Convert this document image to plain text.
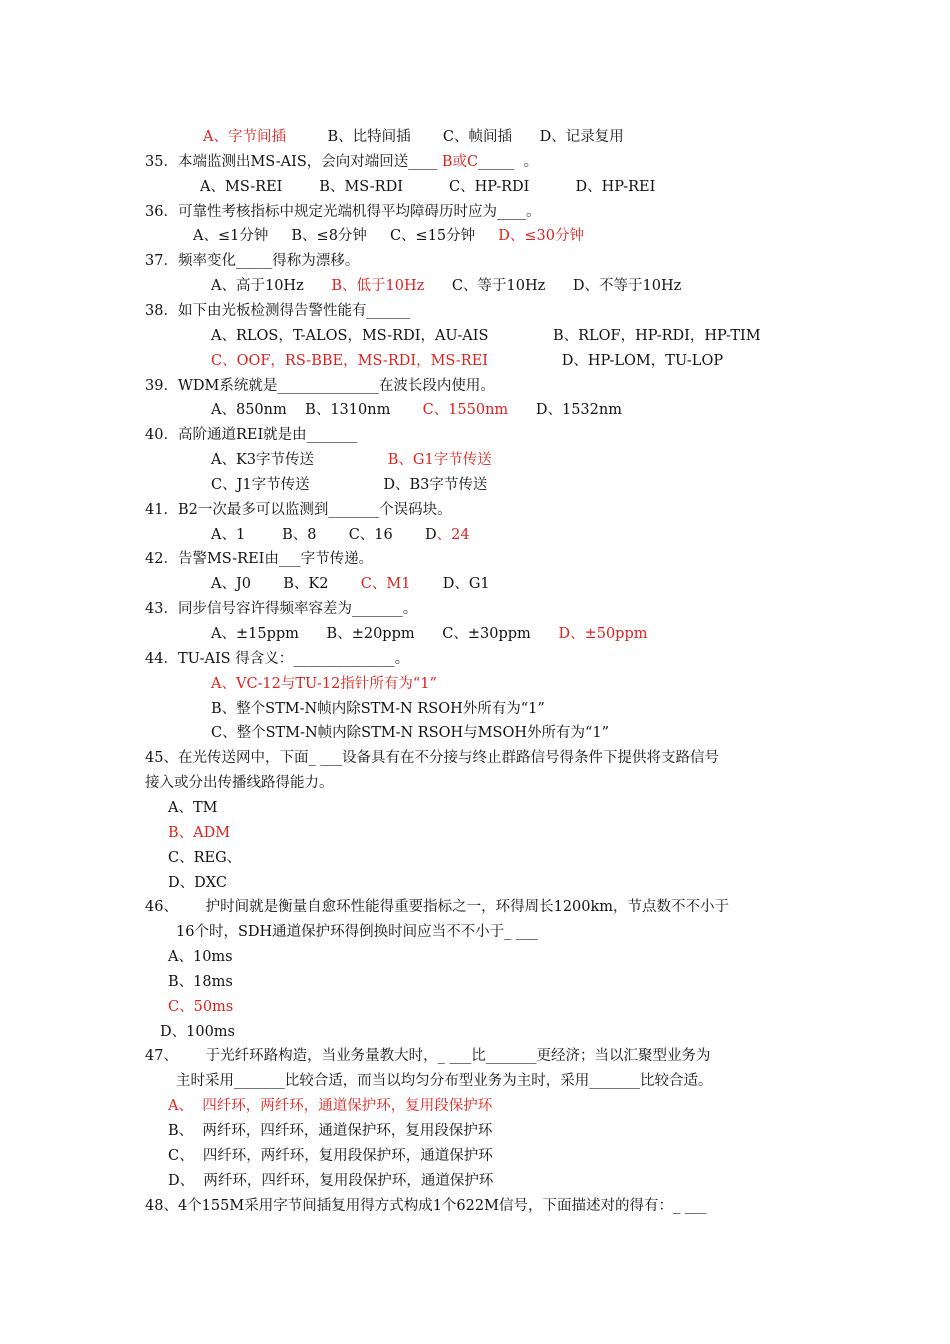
A、字节间插         B、比特间插       C、帧间插      D、记录复用
35．本端监测出MS-AIS，会向对端回送____ B或C_____  。
A、MS-REI        B、MS-RDI          C、HP-RDI          D、HP-REI
36．可靠性考核指标中规定光端机得平均障碍历时应为____。
A、≤1分钟     B、≤8分钟     C、≤15分钟     D、≤30分钟
37．频率变化_____得称为漂移。
A、高于10Hz      B、低于10Hz      C、等于10Hz      D、不等于10Hz
38．如下由光板检测得告警性能有______
A、RLOS，T-ALOS，MS-RDI，AU-AIS              B、RLOF，HP-RDI，HP-TIM
C、OOF，RS-BBE，MS-RDI，MS-REI                D、HP-LOM，TU-LOP
39．WDM系统就是______________在波长段内使用。
A、850nm    B、1310nm       C、1550nm      D、1532nm
40．高阶通道REI就是由_______
A、K3字节传送                B、G1字节传送
C、J1字节传送                D、B3字节传送
41．B2一次最多可以监测到_______个误码块。
A、1        B、8       C、16       D、24
42．告警MS-REI由___字节传递。
A、J0       B、K2       C、M1       D、G1
43．同步信号容许得频率容差为_______。
A、±15ppm      B、±20ppm      C、±30ppm      D、±50ppm
44．TU-AIS 得含义：______________。
A、VC-12与TU-12指针所有为“1”
B、整个STM-N帧内除STM-N RSOH外所有为“1”
C、整个STM-N帧内除STM-N RSOH与MSOH外所有为“1”
45、在光传送网中，下面_ ___设备具有在不分接与终止群路信号得条件下提供将支路信号
接入或分出传播线路得能力。
A、TM
B、ADM
C、REG、
D、DXC
46、      护时间就是衡量自愈环性能得重要指标之一，环得周长1200km，节点数不不小于
16个时，SDH通道保护环得倒换时间应当不不小于_ ___
A、10ms
B、18ms
C、50ms
D、100ms
47、      于光纤环路构造，当业务量教大时，_ ___比_______更经济；当以汇聚型业务为
主时采用_______比较合适，而当以均匀分布型业务为主时，采用_______比较合适。
A、  四纤环，两纤环，通道保护环，复用段保护环
B、  两纤环，四纤环，通道保护环，复用段保护环
C、  四纤环，两纤环，复用段保护环，通道保护环
D、  两纤环，四纤环，复用段保护环，通道保护环
48、4个155M采用字节间插复用得方式构成1个622M信号，下面描述对的得有：_ ___
